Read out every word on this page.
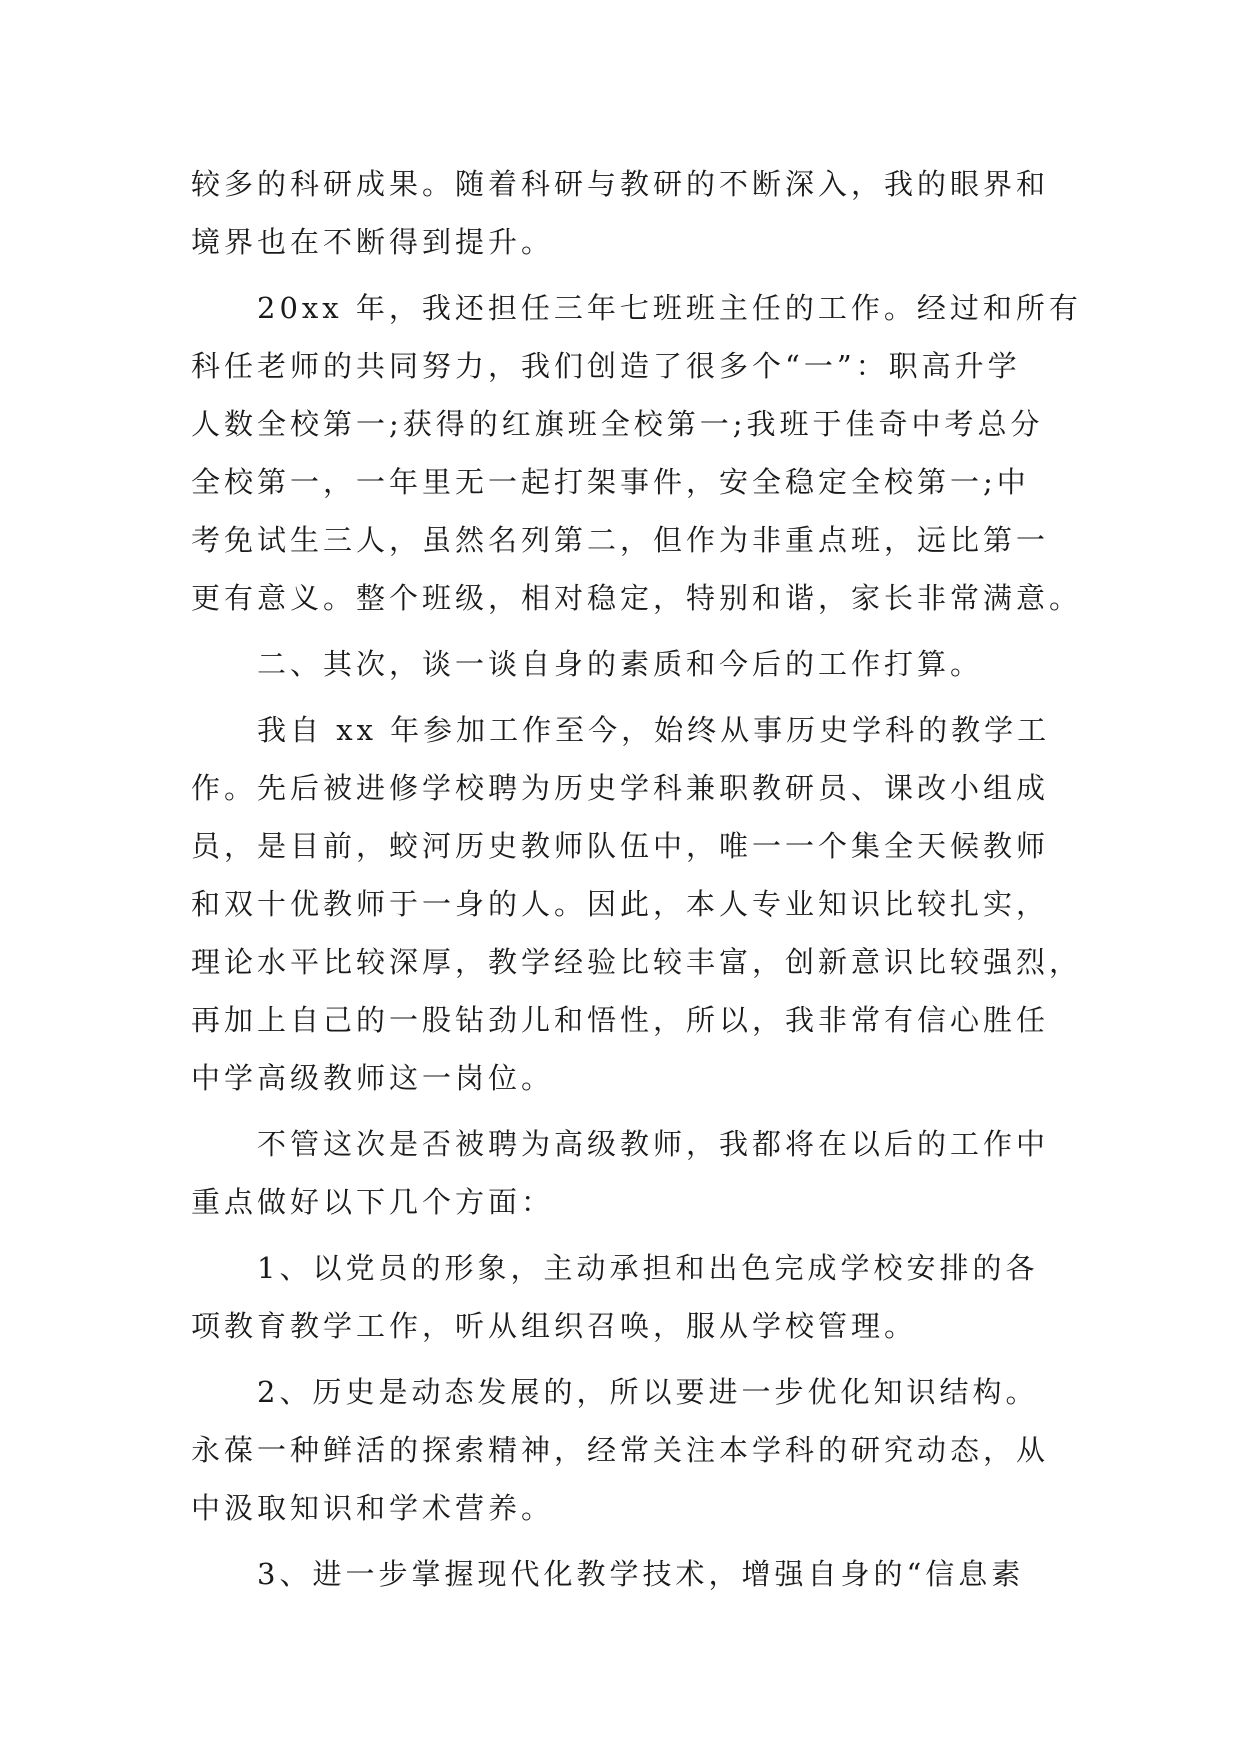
较多的科研成果。随着科研与教研的不断深入，我的眼界和

境界也在不断得到提升。

　　20xx 年，我还担任三年七班班主任的工作。经过和所有

科任老师的共同努力，我们创造了很多个“一”：职高升学

人数全校第一;获得的红旗班全校第一;我班于佳奇中考总分

全校第一，一年里无一起打架事件，安全稳定全校第一;中

考免试生三人，虽然名列第二，但作为非重点班，远比第一

更有意义。整个班级，相对稳定，特别和谐，家长非常满意。

　　二、其次，谈一谈自身的素质和今后的工作打算。

　　我自 xx 年参加工作至今，始终从事历史学科的教学工

作。先后被进修学校聘为历史学科兼职教研员、课改小组成

员，是目前，蛟河历史教师队伍中，唯一一个集全天候教师

和双十优教师于一身的人。因此，本人专业知识比较扎实，

理论水平比较深厚，教学经验比较丰富，创新意识比较强烈，

再加上自己的一股钻劲儿和悟性，所以，我非常有信心胜任

中学高级教师这一岗位。

　　不管这次是否被聘为高级教师，我都将在以后的工作中

重点做好以下几个方面：

　　1、以党员的形象，主动承担和出色完成学校安排的各

项教育教学工作，听从组织召唤，服从学校管理。

　　2、历史是动态发展的，所以要进一步优化知识结构。

永葆一种鲜活的探索精神，经常关注本学科的研究动态，从

中汲取知识和学术营养。

　　3、进一步掌握现代化教学技术，增强自身的“信息素
